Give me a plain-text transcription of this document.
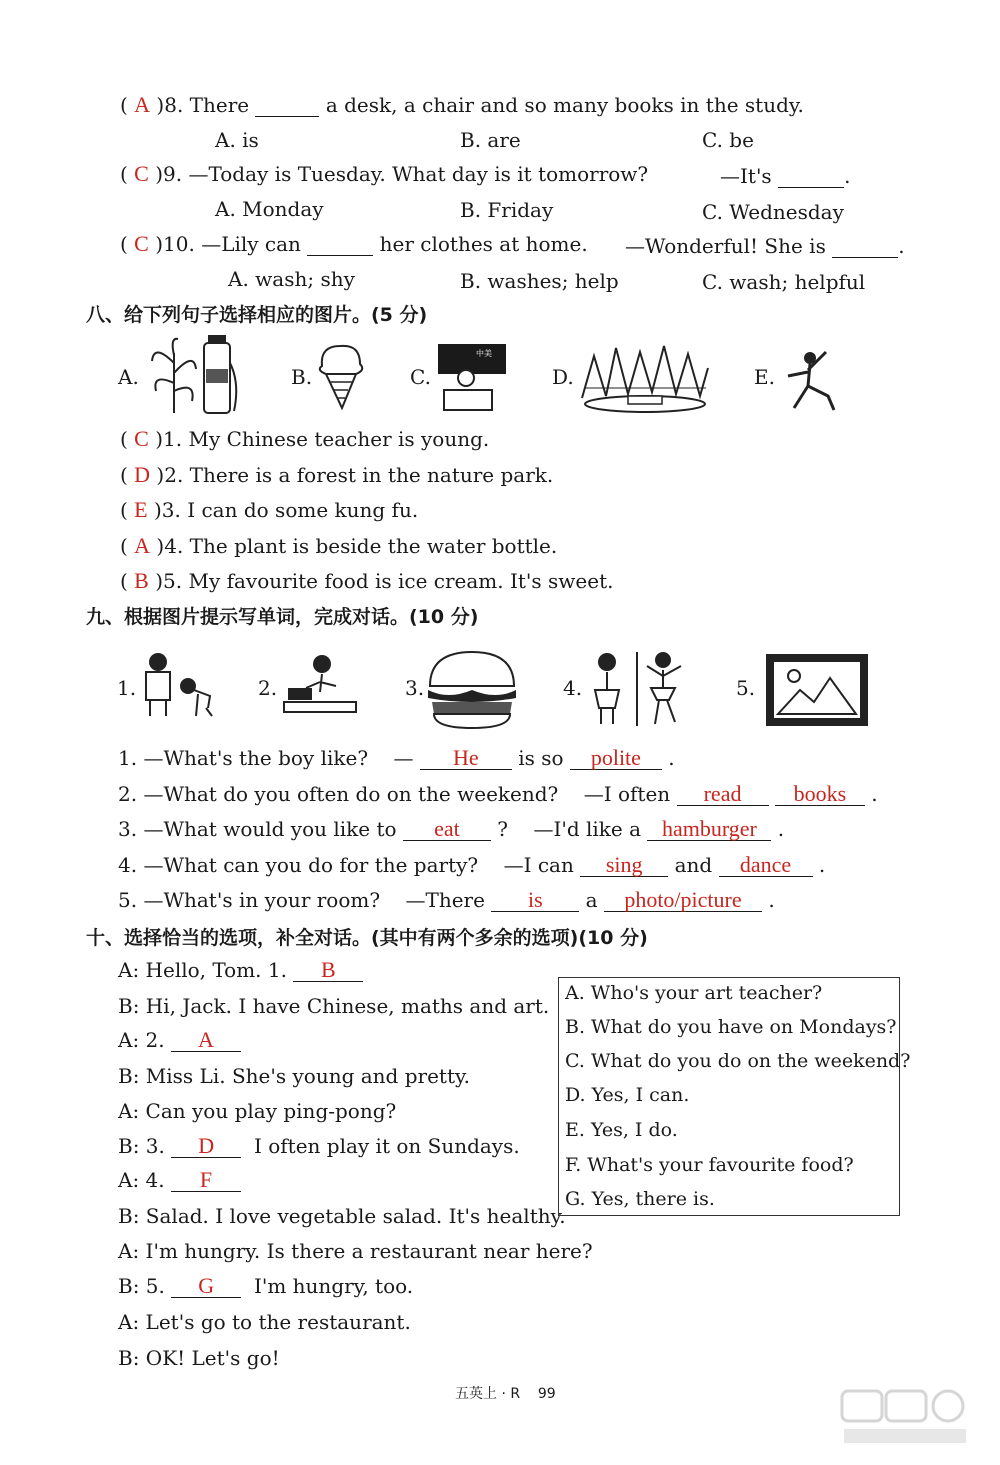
( A )8. There	a desk, a chair and so many books in the study.
A. is	B. are	C. be
( C )9. —Today is Tuesday. What day is it tomorrow?	—It's	.
A. Monday	B. Friday	C. Wednesday
( C )10. —Lily can	her clothes at home. —Wonderful! She is	.
A. wash; shy	B. washes; help	C. wash; helpful
八、给下列句子选择相应的图片。(5 分)
A.	B.	C.
中美
D.	E.
( C )1. My Chinese teacher is young.
( D )2. There is a forest in the nature park.
( E )3. I can do some kung fu.
( A )4. The plant is beside the water bottle.
( B )5. My favourite food is ice cream. It's sweet.
九、根据图片提示写单词，完成对话。(10 分)
1.	2.	3.	4.	5.
1. —What's the boy like? — He is so polite .
2. —What do you often do on the weekend? —I often read books .
3. —What would you like to eat ? —I'd like a hamburger .
4. —What can you do for the party? —I can sing and dance .
5. —What's in your room? —There is a photo/picture .
十、选择恰当的选项，补全对话。(其中有两个多余的选项)(10 分)
A: Hello, Tom. 1. B
B: Hi, Jack. I have Chinese, maths and art.
A: 2. A
B: Miss Li. She's young and pretty.
A: Can you play ping-pong?
B: 3. D I often play it on Sundays.
A: 4. F
B: Salad. I love vegetable salad. It's healthy.
A: I'm hungry. Is there a restaurant near here?
B: 5. G I'm hungry, too.
A: Let's go to the restaurant.
B: OK! Let's go!
A. Who's your art teacher?
B. What do you have on Mondays?
C. What do you do on the weekend?
D. Yes, I can.
E. Yes, I do.
F. What's your favourite food?
G. Yes, there is.
五英上 · R 99
